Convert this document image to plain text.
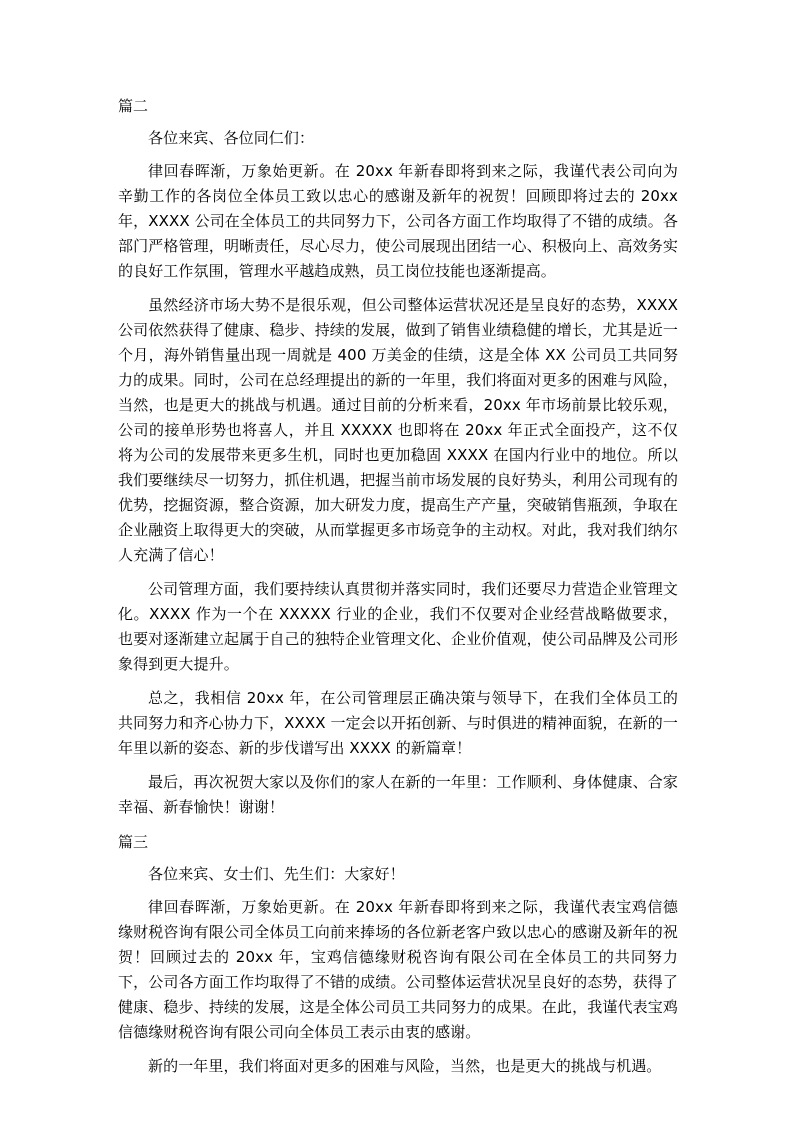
篇二

各位来宾、各位同仁们：

律回春晖渐，万象始更新。在 20xx 年新春即将到来之际，我谨代表公司向为辛勤工作的各岗位全体员工致以忠心的感谢及新年的祝贺！回顾即将过去的 20xx 年，XXXX 公司在全体员工的共同努力下，公司各方面工作均取得了不错的成绩。各部门严格管理，明晰责任，尽心尽力，使公司展现出团结一心、积极向上、高效务实的良好工作氛围，管理水平越趋成熟，员工岗位技能也逐渐提高。

虽然经济市场大势不是很乐观，但公司整体运营状况还是呈良好的态势，XXXX 公司依然获得了健康、稳步、持续的发展，做到了销售业绩稳健的增长，尤其是近一个月，海外销售量出现一周就是 400 万美金的佳绩，这是全体 XX 公司员工共同努力的成果。同时，公司在总经理提出的新的一年里，我们将面对更多的困难与风险，当然，也是更大的挑战与机遇。通过目前的分析来看，20xx 年市场前景比较乐观，公司的接单形势也将喜人，并且 XXXXX 也即将在 20xx 年正式全面投产，这不仅将为公司的发展带来更多生机，同时也更加稳固 XXXX 在国内行业中的地位。所以我们要继续尽一切努力，抓住机遇，把握当前市场发展的良好势头，利用公司现有的优势，挖掘资源，整合资源，加大研发力度，提高生产产量，突破销售瓶颈，争取在企业融资上取得更大的突破，从而掌握更多市场竞争的主动权。对此，我对我们纳尔人充满了信心！

公司管理方面，我们要持续认真贯彻并落实同时，我们还要尽力营造企业管理文化。XXXX 作为一个在 XXXXX 行业的企业，我们不仅要对企业经营战略做要求，也要对逐渐建立起属于自己的独特企业管理文化、企业价值观，使公司品牌及公司形象得到更大提升。

总之，我相信 20xx 年，在公司管理层正确决策与领导下，在我们全体员工的共同努力和齐心协力下，XXXX 一定会以开拓创新、与时俱进的精神面貌，在新的一年里以新的姿态、新的步伐谱写出 XXXX 的新篇章！

最后，再次祝贺大家以及你们的家人在新的一年里：工作顺利、身体健康、合家幸福、新春愉快！谢谢！

篇三

各位来宾、女士们、先生们：大家好！

律回春晖渐，万象始更新。在 20xx 年新春即将到来之际，我谨代表宝鸡信德缘财税咨询有限公司全体员工向前来捧场的各位新老客户致以忠心的感谢及新年的祝贺！回顾过去的 20xx 年，宝鸡信德缘财税咨询有限公司在全体员工的共同努力下，公司各方面工作均取得了不错的成绩。公司整体运营状况呈良好的态势，获得了健康、稳步、持续的发展，这是全体公司员工共同努力的成果。在此，我谨代表宝鸡信德缘财税咨询有限公司向全体员工表示由衷的感谢。

新的一年里，我们将面对更多的困难与风险，当然，也是更大的挑战与机遇。
